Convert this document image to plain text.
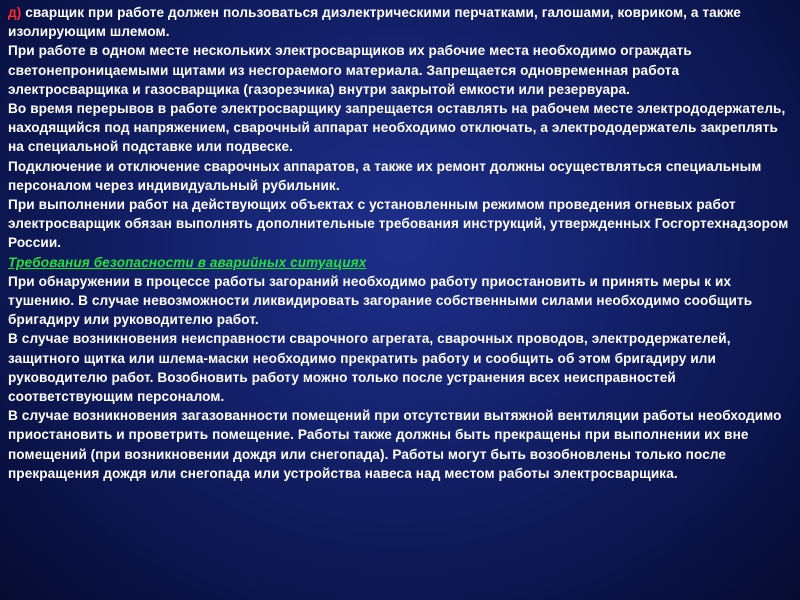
д) сварщик при работе должен пользоваться диэлектрическими перчатками, галошами, ковриком, а также изолирующим шлемом.

При работе в одном месте нескольких электросварщиков их рабочие места необходимо ограждать светонепроницаемыми щитами из несгораемого материала. Запрещается одновременная работа электросварщика и газосварщика (газорезчика) внутри закрытой емкости или резервуара.

Во время перерывов в работе электросварщику запрещается оставлять на рабочем месте электрододержатель, находящийся под напряжением, сварочный аппарат необходимо отключать, а электрододержатель закреплять на специальной подставке или подвеске.

Подключение и отключение сварочных аппаратов, а также их ремонт должны осуществляться специальным персоналом через индивидуальный рубильник.

При выполнении работ на действующих объектах с установленным режимом проведения огневых работ электросварщик обязан выполнять дополнительные требования инструкций, утвержденных Госгортехнадзором России.

Требования безопасности в аварийных ситуациях

При обнаружении в процессе работы загораний необходимо работу приостановить и принять меры к их тушению. В случае невозможности ликвидировать загорание собственными силами необходимо сообщить бригадиру или руководителю работ.

В случае возникновения неисправности сварочного агрегата, сварочных проводов, электродержателей, защитного щитка или шлема-маски необходимо прекратить работу и сообщить об этом бригадиру или руководителю работ. Возобновить работу можно только после устранения всех неисправностей соответствующим персоналом.

В случае возникновения загазованности помещений при отсутствии вытяжной вентиляции работы необходимо приостановить и проветрить помещение. Работы также должны быть прекращены при выполнении их вне помещений (при возникновении дождя или снегопада). Работы могут быть возобновлены только после прекращения дождя или снегопада или устройства навеса над местом работы электросварщика.
